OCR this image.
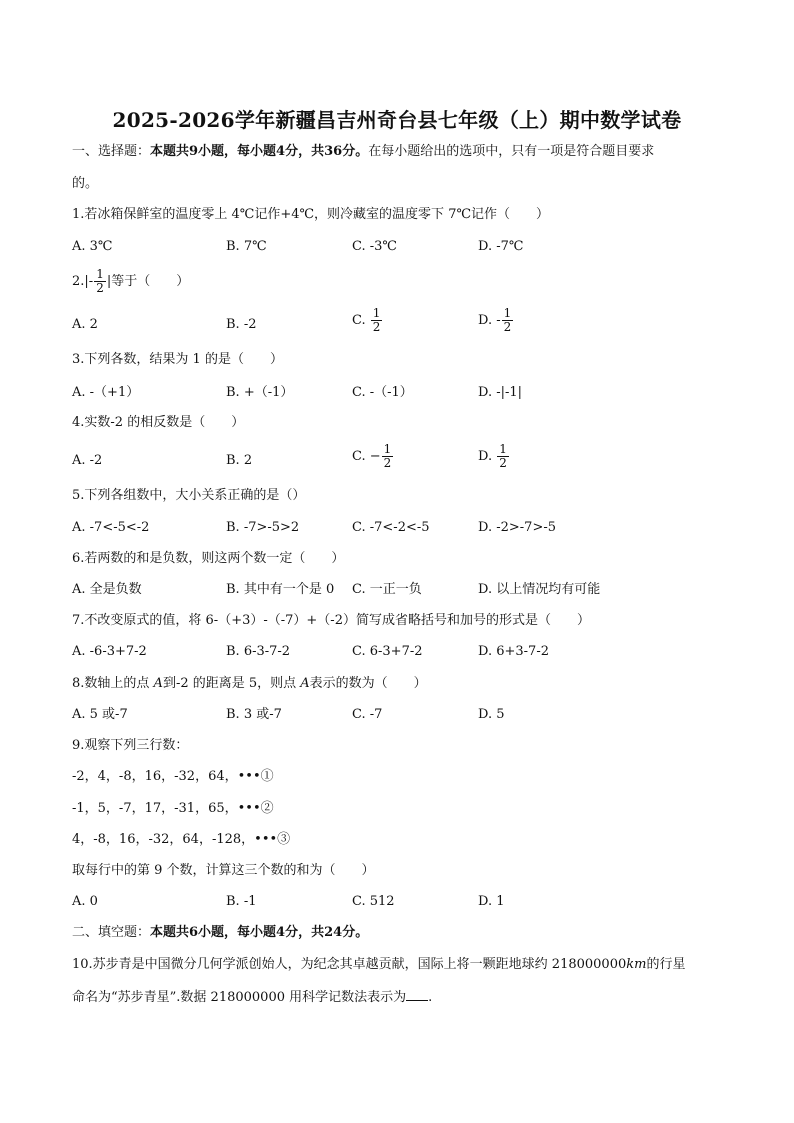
2025-2026学年新疆昌吉州奇台县七年级（上）期中数学试卷
一、选择题：本题共9小题，每小题4分，共36分。在每小题给出的选项中，只有一项是符合题目要求
的。
1.若冰箱保鲜室的温度零上 4℃记作+4℃，则冷藏室的温度零下 7℃记作（　　）
A. 3℃	B. 7℃	C. -3℃	D. -7℃
$2.|- \frac{1}{2}$ |等于（　　）
A. 2	B. -2	C. $\frac{1}{2}$	D. - $\frac{1}{2}$
3.下列各数，结果为 1 的是（　　）
A. -（+1）	B. +（-1）	C. -（-1）	D. -|-1|
4.实数-2 的相反数是（　　）
A. -2	B. 2	C. − $\frac{1}{2}$	D. $\frac{1}{2}$
5.下列各组数中，大小关系正确的是（）
A. -7<-5<-2	B. -7>-5>2	C. -7<-2<-5	D. -2>-7>-5
6.若两数的和是负数，则这两个数一定（　　）
A. 全是负数	B. 其中有一个是 0 C. 一正一负	D. 以上情况均有可能
7.不改变原式的值，将 6-（+3）-（-7）+（-2）简写成省略括号和加号的形式是（　　）
A. -6-3+7-2	B. 6-3-7-2	C. 6-3+7-2	D. 6+3-7-2
8.数轴上的点 A到-2 的距离是 5，则点 A表示的数为（　　）
A. 5 或-7	B. 3 或-7	C. -7	D. 5
9.观察下列三行数：
-2，4，-8，16，-32，64，•••①
-1，5，-7，17，-31，65，•••②
4，-8，16，-32，64，-128，•••③
取每行中的第 9 个数，计算这三个数的和为（　　）
A. 0	B. -1	C. 512	D. 1
二、填空题：本题共6小题，每小题4分，共24分。
10.苏步青是中国微分几何学派创始人，为纪念其卓越贡献，国际上将一颗距地球约 218000000km的行星
命名为“苏步青星”.数据 218000000 用科学记数法表示为 .
